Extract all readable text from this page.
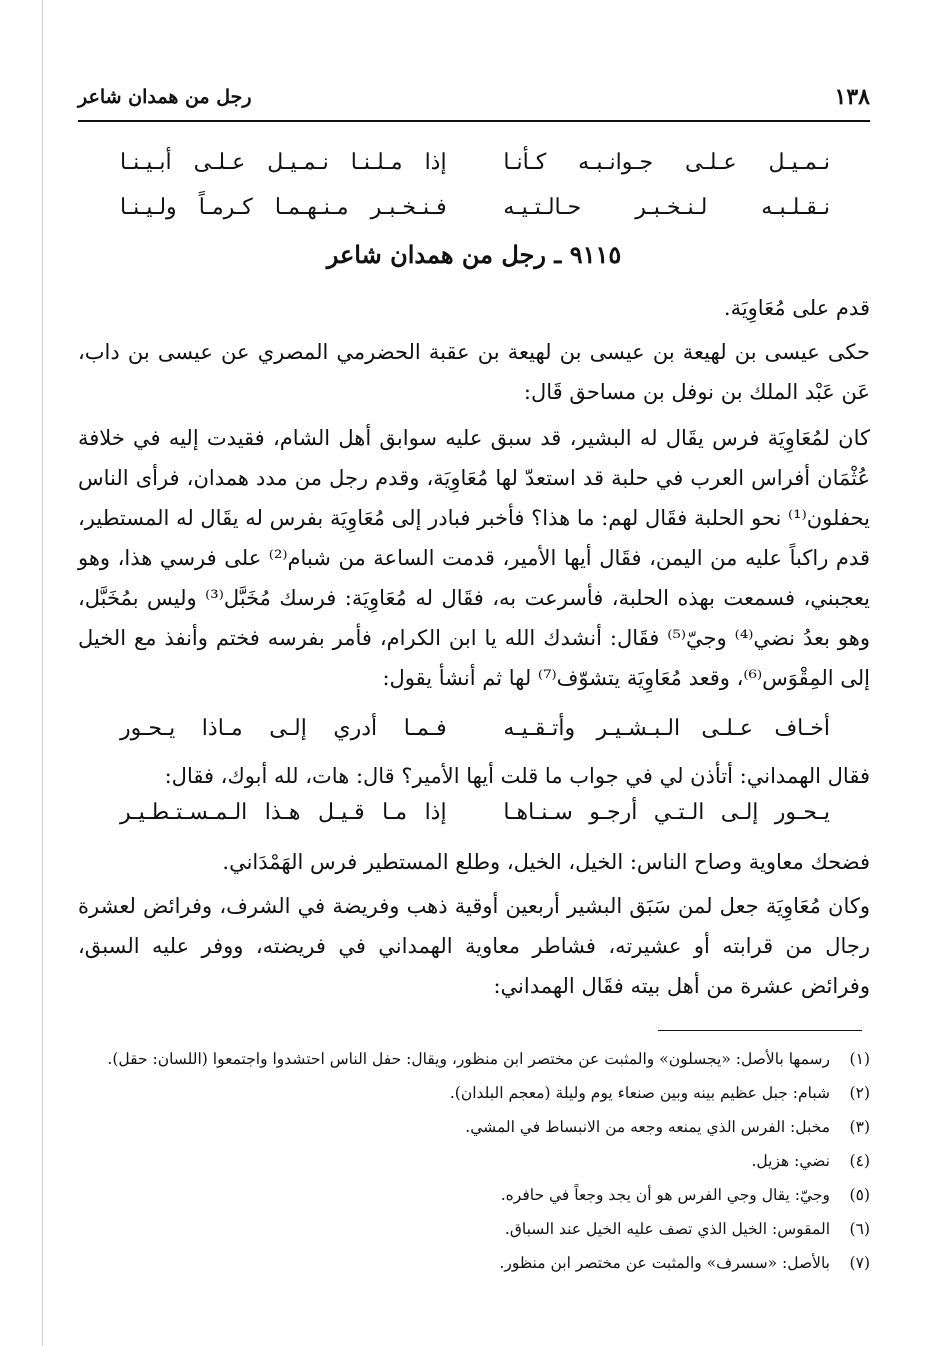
١٣٨
رجل من همدان شاعر
نـمـيـل عـلـى جـوانـبـه كـأنـا
إذا مـلـنـا نـمـيـل عـلـى أبـيـنـا
نـقـلـبـه لـنـخـبـر حـالـتـيـه
فـنـخـبـر مـنـهـمـا كـرمـاً ولـيـنـا
٩١١٥ ـ رجل من همدان شاعر
قدم على مُعَاوِيَة.
حكى عيسى بن لهيعة بن عيسى بن لهيعة بن عقبة الحضرمي المصري عن عيسى بن داب، عَن عَبْد الملك بن نوفل بن مساحق قَال:
كان لمُعَاوِيَة فرس يقَال له البشير، قد سبق عليه سوابق أهل الشام، فقيدت إليه في خلافة عُثْمَان أفراس العرب في حلبة قد استعدّ لها مُعَاوِيَة، وقدم رجل من مدد همدان، فرأى الناس يحفلون⁽¹⁾ نحو الحلبة فقَال لهم: ما هذا؟ فأخبر فبادر إلى مُعَاوِيَة بفرس له يقَال له المستطير، قدم راكباً عليه من اليمن، فقَال أيها الأمير، قدمت الساعة من شبام⁽²⁾ على فرسي هذا، وهو يعجبني، فسمعت بهذه الحلبة، فأسرعت به، فقَال له مُعَاوِيَة: فرسك مُخَبَّل⁽³⁾ وليس بمُخَبَّل، وهو بعدُ نضي⁽⁴⁾ وجيّ⁽⁵⁾ فقَال: أنشدك الله يا ابن الكرام، فأمر بفرسه فختم وأنفذ مع الخيل إلى المِقْوَس⁽⁶⁾، وقعد مُعَاوِيَة يتشوّف⁽⁷⁾ لها ثم أنشأ يقول:
أخـاف عـلـى الـبـشـيـر وأتـقـيـه
فـمـا أدري إلـى مـاذا يـحـور
فقال الهمداني: أتأذن لي في جواب ما قلت أيها الأمير؟ قال: هات، لله أبوك، فقال:
يـحـور إلـى الـتـي أرجـو سـنـاهـا
إذا مـا قـيـل هـذا الـمـسـتـطـيـر
فضحك معاوية وصاح الناس: الخيل، الخيل، وطلع المستطير فرس الهَمْدَاني.
وكان مُعَاوِيَة جعل لمن سَبَق البشير أربعين أوقية ذهب وفريضة في الشرف، وفرائض لعشرة رجال من قرابته أو عشيرته، فشاطر معاوية الهمداني في فريضته، ووفر عليه السبق، وفرائض عشرة من أهل بيته فقَال الهمداني:
(١)
رسمها بالأصل: «يجسلون» والمثبت عن مختصر ابن منظور، ويقال: حفل الناس احتشدوا واجتمعوا (اللسان: حقل).
(٢)
شبام: جبل عظيم بينه وبين صنعاء يوم وليلة (معجم البلدان).
(٣)
مخبل: الفرس الذي يمنعه وجعه من الانبساط في المشي.
(٤)
نضي: هزيل.
(٥)
وجيّ: يقال وجي الفرس هو أن يجد وجعاً في حافره.
(٦)
المقوس: الخيل الذي تصف عليه الخيل عند السباق.
(٧)
بالأصل: «سسرف» والمثبت عن مختصر ابن منظور.
